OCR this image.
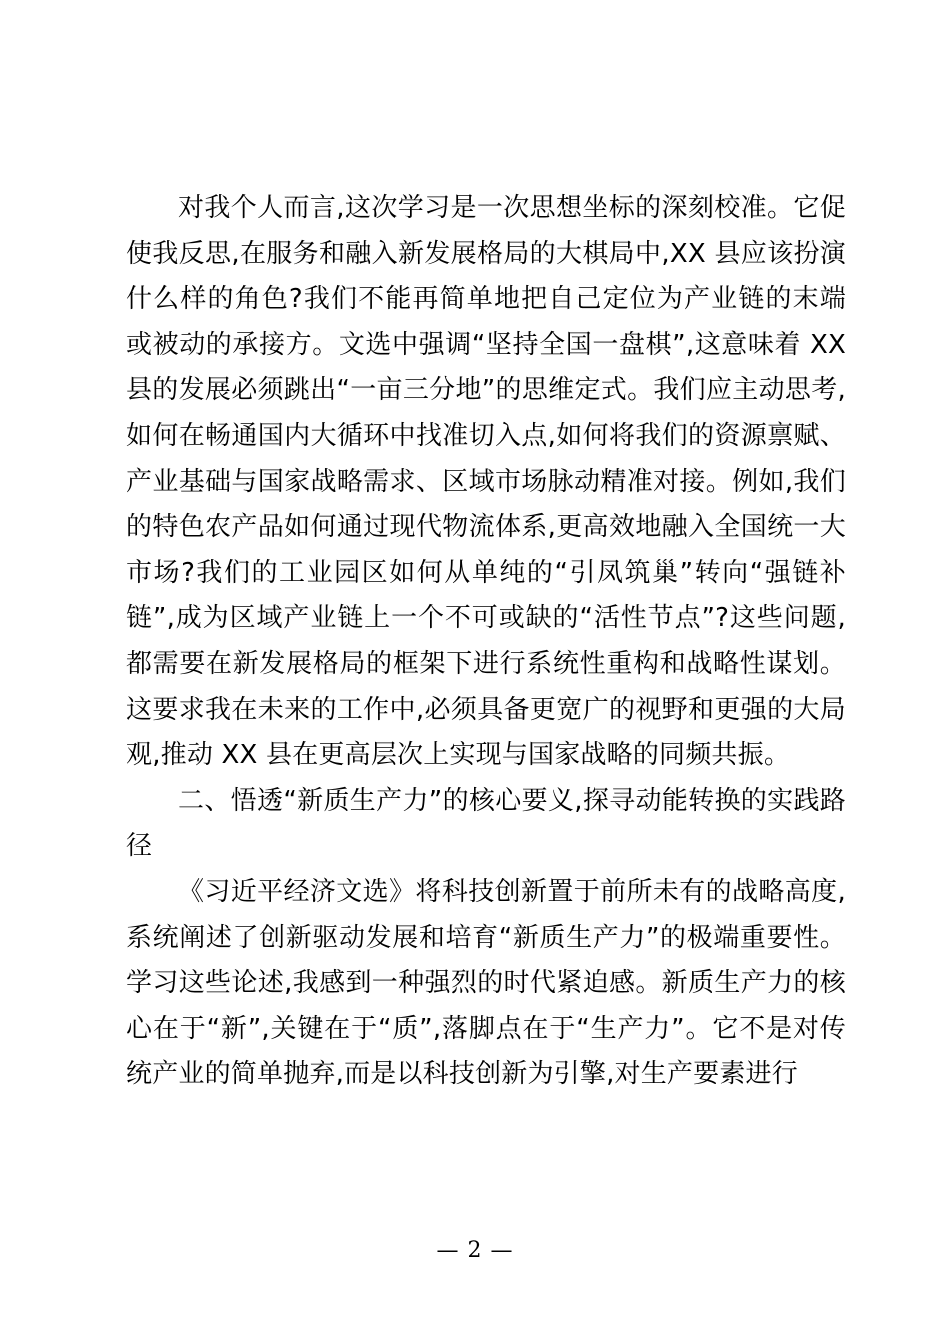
对我个人而言,这次学习是一次思想坐标的深刻校准。它促使我反思,在服务和融入新发展格局的大棋局中,XX 县应该扮演什么样的角色?我们不能再简单地把自己定位为产业链的末端或被动的承接方。文选中强调“坚持全国一盘棋”,这意味着 XX 县的发展必须跳出“一亩三分地”的思维定式。我们应主动思考,如何在畅通国内大循环中找准切入点,如何将我们的资源禀赋、产业基础与国家战略需求、区域市场脉动精准对接。例如,我们的特色农产品如何通过现代物流体系,更高效地融入全国统一大市场?我们的工业园区如何从单纯的“引凤筑巢”转向“强链补链”,成为区域产业链上一个不可或缺的“活性节点”?这些问题,都需要在新发展格局的框架下进行系统性重构和战略性谋划。这要求我在未来的工作中,必须具备更宽广的视野和更强的大局观,推动 XX 县在更高层次上实现与国家战略的同频共振。

二、悟透“新质生产力”的核心要义,探寻动能转换的实践路径

《习近平经济文选》将科技创新置于前所未有的战略高度,系统阐述了创新驱动发展和培育“新质生产力”的极端重要性。学习这些论述,我感到一种强烈的时代紧迫感。新质生产力的核心在于“新”,关键在于“质”,落脚点在于“生产力”。它不是对传统产业的简单抛弃,而是以科技创新为引擎,对生产要素进行

— 2 —
